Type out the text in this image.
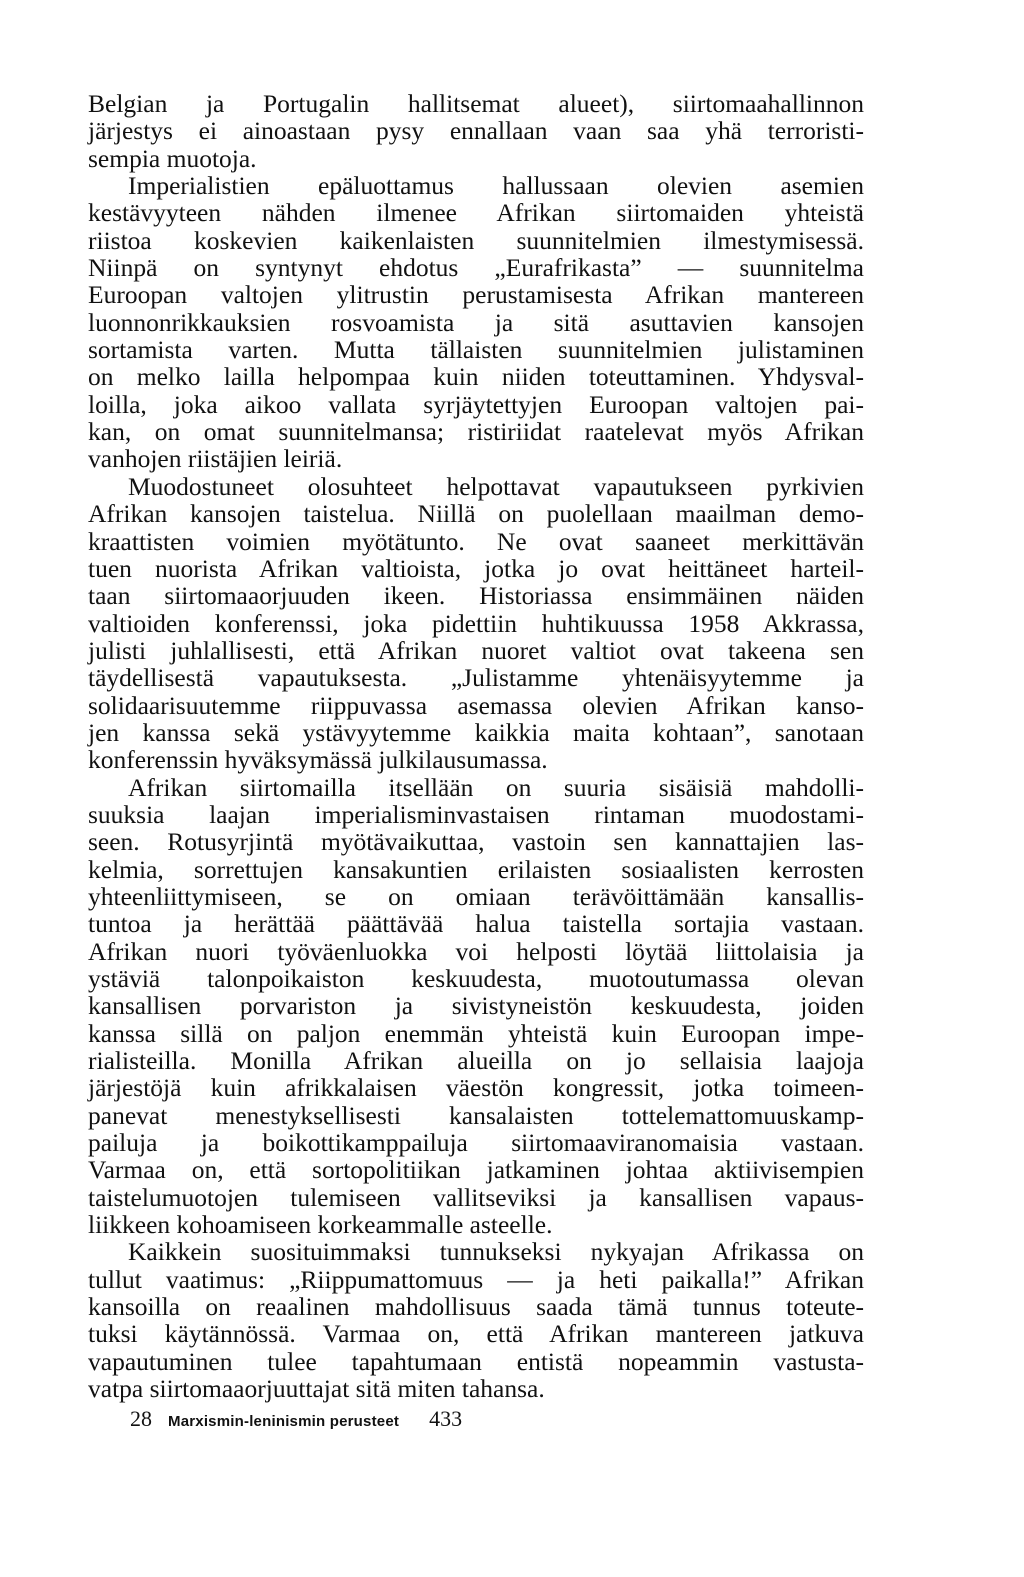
Belgian ja Portugalin hallitsemat alueet), siirtomaahallinnon
järjestys ei ainoastaan pysy ennallaan vaan saa yhä terroristi-
sempia muotoja.
Imperialistien epäluottamus hallussaan olevien asemien
kestävyyteen nähden ilmenee Afrikan siirtomaiden yhteistä
riistoa koskevien kaikenlaisten suunnitelmien ilmestymisessä.
Niinpä on syntynyt ehdotus „Eurafrikasta” — suunnitelma
Euroopan valtojen ylitrustin perustamisesta Afrikan mantereen
luonnonrikkauksien rosvoamista ja sitä asuttavien kansojen
sortamista varten. Mutta tällaisten suunnitelmien julistaminen
on melko lailla helpompaa kuin niiden toteuttaminen. Yhdysval-
loilla, joka aikoo vallata syrjäytettyjen Euroopan valtojen pai-
kan, on omat suunnitelmansa; ristiriidat raatelevat myös Afrikan
vanhojen riistäjien leiriä.
Muodostuneet olosuhteet helpottavat vapautukseen pyrkivien
Afrikan kansojen taistelua. Niillä on puolellaan maailman demo-
kraattisten voimien myötätunto. Ne ovat saaneet merkittävän
tuen nuorista Afrikan valtioista, jotka jo ovat heittäneet harteil-
taan siirtomaaorjuuden ikeen. Historiassa ensimmäinen näiden
valtioiden konferenssi, joka pidettiin huhtikuussa 1958 Akkrassa,
julisti juhlallisesti, että Afrikan nuoret valtiot ovat takeena sen
täydellisestä vapautuksesta. „Julistamme yhtenäisyytemme ja
solidaarisuutemme riippuvassa asemassa olevien Afrikan kanso-
jen kanssa sekä ystävyytemme kaikkia maita kohtaan”, sanotaan
konferenssin hyväksymässä julkilausumassa.
Afrikan siirtomailla itsellään on suuria sisäisiä mahdolli-
suuksia laajan imperialisminvastaisen rintaman muodostami-
seen. Rotusyrjintä myötävaikuttaa, vastoin sen kannattajien las-
kelmia, sorrettujen kansakuntien erilaisten sosiaalisten kerrosten
yhteenliittymiseen, se on omiaan terävöittämään kansallis-
tuntoa ja herättää päättävää halua taistella sortajia vastaan.
Afrikan nuori työväenluokka voi helposti löytää liittolaisia ja
ystäviä talonpoikaiston keskuudesta, muotoutumassa olevan
kansallisen porvariston ja sivistyneistön keskuudesta, joiden
kanssa sillä on paljon enemmän yhteistä kuin Euroopan impe-
rialisteilla. Monilla Afrikan alueilla on jo sellaisia laajoja
järjestöjä kuin afrikkalaisen väestön kongressit, jotka toimeen-
panevat menestyksellisesti kansalaisten tottelemattomuuskamp-
pailuja ja boikottikamppailuja siirtomaaviranomaisia vastaan.
Varmaa on, että sortopolitiikan jatkaminen johtaa aktiivisempien
taistelumuotojen tulemiseen vallitseviksi ja kansallisen vapaus-
liikkeen kohoamiseen korkeammalle asteelle.
Kaikkein suosituimmaksi tunnukseksi nykyajan Afrikassa on
tullut vaatimus: „Riippumattomuus — ja heti paikalla!” Afrikan
kansoilla on reaalinen mahdollisuus saada tämä tunnus toteute-
tuksi käytännössä. Varmaa on, että Afrikan mantereen jatkuva
vapautuminen tulee tapahtumaan entistä nopeammin vastusta-
vatpa siirtomaaorjuuttajat sitä miten tahansa.
28 Marxismin-leninismin perusteet 433
